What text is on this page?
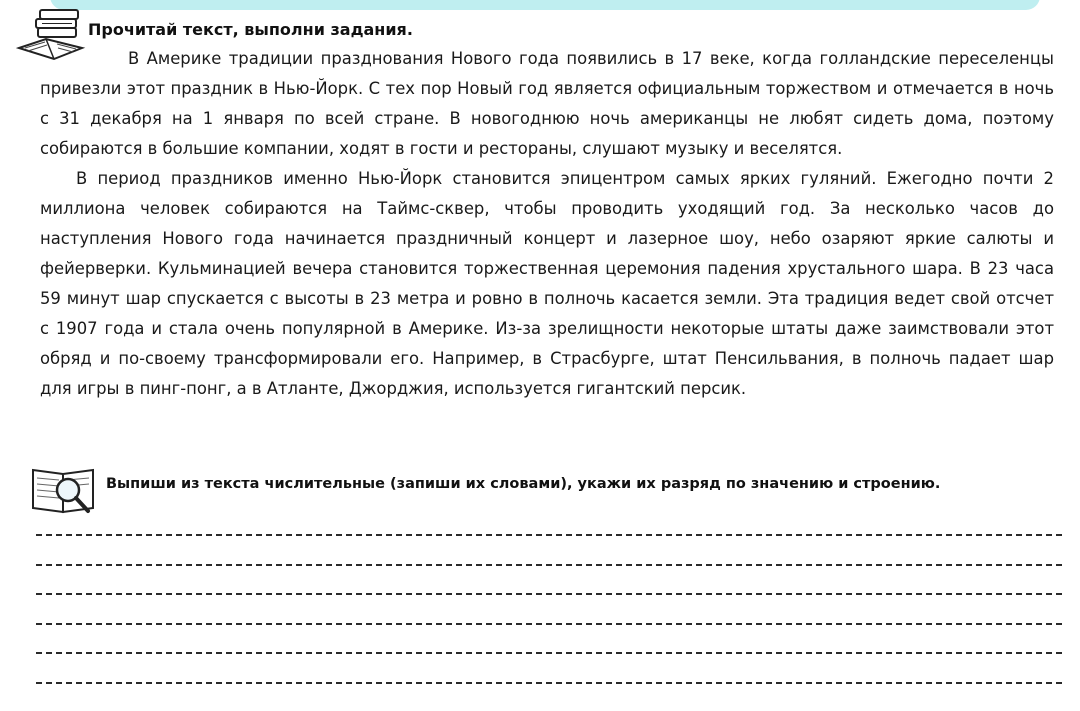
Прочитай текст, выполни задания.

В Америке традиции празднования Нового года появились в 17 веке, когда голландские переселенцы привезли этот праздник в Нью-Йорк. С тех пор Новый год является официальным торжеством и отмечается в ночь с 31 декабря на 1 января по всей стране. В новогоднюю ночь американцы не любят сидеть дома, поэтому собираются в большие компании, ходят в гости и рестораны, слушают музыку и веселятся.

В период праздников именно Нью-Йорк становится эпицентром самых ярких гуляний. Ежегодно почти 2 миллиона человек собираются на Таймс-сквер, чтобы проводить уходящий год. За несколько часов до наступления Нового года начинается праздничный концерт и лазерное шоу, небо озаряют яркие салюты и фейерверки. Кульминацией вечера становится торжественная церемония падения хрустального шара. В 23 часа 59 минут шар спускается с высоты в 23 метра и ровно в полночь касается земли. Эта традиция ведет свой отсчет с 1907 года и стала очень популярной в Америке. Из-за зрелищности некоторые штаты даже заимствовали этот обряд и по-своему трансформировали его. Например, в Страсбурге, штат Пенсильвания, в полночь падает шар для игры в пинг-понг, а в Атланте, Джорджия, используется гигантский персик.

Выпиши из текста числительные (запиши их словами), укажи их разряд по значению и строению.
